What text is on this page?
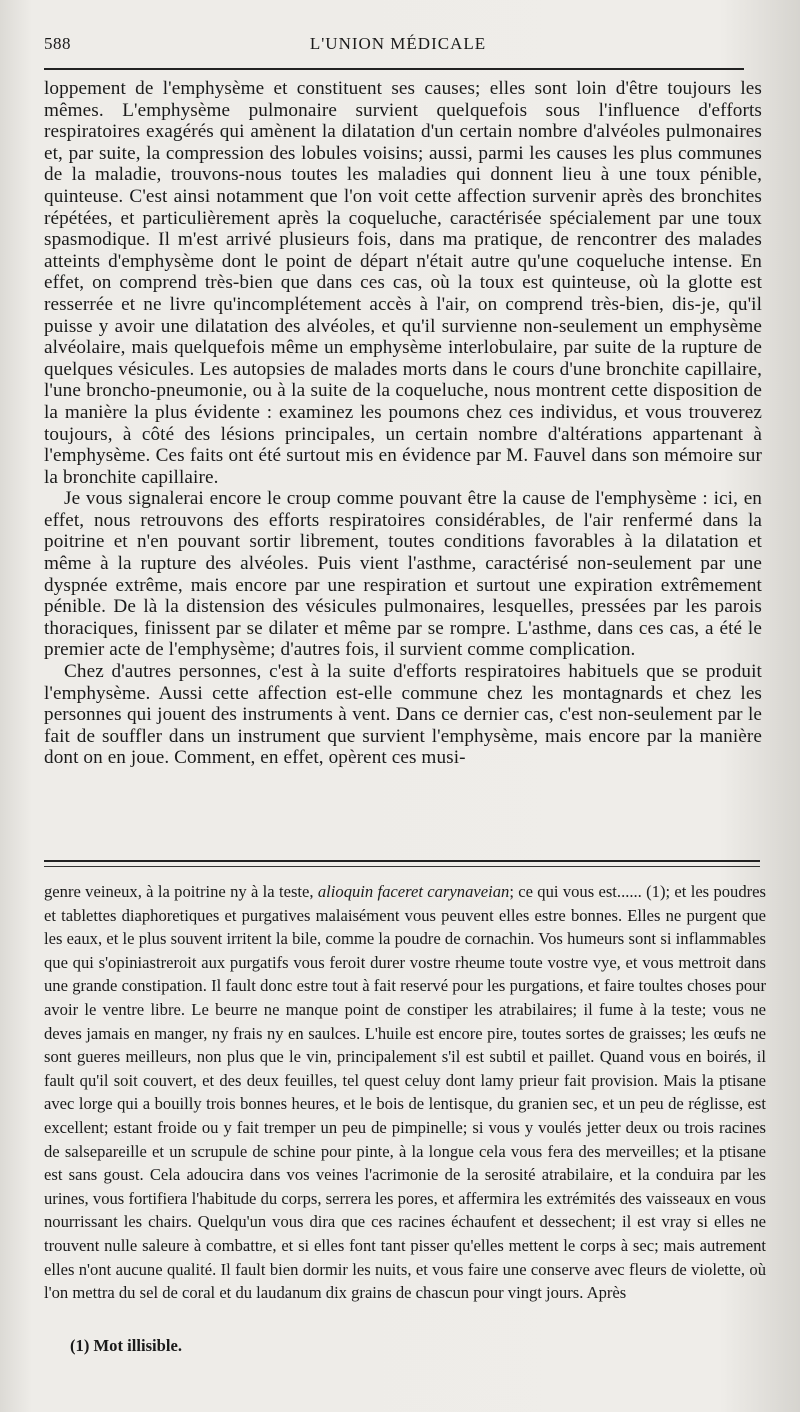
588	L'UNION MÉDICALE

loppement de l'emphysème et constituent ses causes; elles sont loin d'être toujours les mêmes. L'emphysème pulmonaire survient quelquefois sous l'influence d'efforts respiratoires exagérés qui amènent la dilatation d'un certain nombre d'alvéoles pulmonaires et, par suite, la compression des lobules voisins; aussi, parmi les causes les plus communes de la maladie, trouvons-nous toutes les maladies qui donnent lieu à une toux pénible, quinteuse. C'est ainsi notamment que l'on voit cette affection survenir après des bronchites répétées, et particulièrement après la coqueluche, caractérisée spécialement par une toux spasmodique. Il m'est arrivé plusieurs fois, dans ma pratique, de rencontrer des malades atteints d'emphysème dont le point de départ n'était autre qu'une coqueluche intense. En effet, on comprend très-bien que dans ces cas, où la toux est quinteuse, où la glotte est resserrée et ne livre qu'incomplétement accès à l'air, on comprend très-bien, dis-je, qu'il puisse y avoir une dilatation des alvéoles, et qu'il survienne non-seulement un emphysème alvéolaire, mais quelquefois même un emphysème interlobulaire, par suite de la rupture de quelques vésicules. Les autopsies de malades morts dans le cours d'une bronchite capillaire, l'une broncho-pneumonie, ou à la suite de la coqueluche, nous montrent cette disposition de la manière la plus évidente : examinez les poumons chez ces individus, et vous trouverez toujours, à côté des lésions principales, un certain nombre d'altérations appartenant à l'emphysème. Ces faits ont été surtout mis en évidence par M. Fauvel dans son mémoire sur la bronchite capillaire.

Je vous signalerai encore le croup comme pouvant être la cause de l'emphysème : ici, en effet, nous retrouvons des efforts respiratoires considérables, de l'air renfermé dans la poitrine et n'en pouvant sortir librement, toutes conditions favorables à la dilatation et même à la rupture des alvéoles. Puis vient l'asthme, caractérisé non-seulement par une dyspnée extrême, mais encore par une respiration et surtout une expiration extrêmement pénible. De là la distension des vésicules pulmonaires, lesquelles, pressées par les parois thoraciques, finissent par se dilater et même par se rompre. L'asthme, dans ces cas, a été le premier acte de l'emphysème; d'autres fois, il survient comme complication.

Chez d'autres personnes, c'est à la suite d'efforts respiratoires habituels que se produit l'emphysème. Aussi cette affection est-elle commune chez les montagnards et chez les personnes qui jouent des instruments à vent. Dans ce dernier cas, c'est non-seulement par le fait de souffler dans un instrument que survient l'emphysème, mais encore par la manière dont on en joue. Comment, en effet, opèrent ces musi-

genre veineux, à la poitrine ny à la teste, alioquin faceret carynaveian; ce qui vous est...... (1); et les poudres et tablettes diaphoretiques et purgatives malaisément vous peuvent elles estre bonnes. Elles ne purgent que les eaux, et le plus souvent irritent la bile, comme la poudre de cornachin. Vos humeurs sont si inflammables que qui s'opiniastreroit aux purgatifs vous feroit durer vostre rheume toute vostre vye, et vous mettroit dans une grande constipation. Il fault donc estre tout à fait reservé pour les purgations, et faire toultes choses pour avoir le ventre libre. Le beurre ne manque point de constiper les atrabilaires; il fume à la teste; vous ne deves jamais en manger, ny frais ny en saulces. L'huile est encore pire, toutes sortes de graisses; les œufs ne sont gueres meilleurs, non plus que le vin, principalement s'il est subtil et paillet. Quand vous en boirés, il fault qu'il soit couvert, et des deux feuilles, tel quest celuy dont lamy prieur fait provision. Mais la ptisane avec lorge qui a bouilly trois bonnes heures, et le bois de lentisque, du granien sec, et un peu de réglisse, est excellent; estant froide ou y fait tremper un peu de pimpinelle; si vous y voulés jetter deux ou trois racines de salsepareille et un scrupule de schine pour pinte, à la longue cela vous fera des merveilles; et la ptisane est sans goust. Cela adoucira dans vos veines l'acrimonie de la serosité atrabilaire, et la conduira par les urines, vous fortifiera l'habitude du corps, serrera les pores, et affermira les extrémités des vaisseaux en vous nourrissant les chairs. Quelqu'un vous dira que ces racines échaufent et dessechent; il est vray si elles ne trouvent nulle saleure à combattre, et si elles font tant pisser qu'elles mettent le corps à sec; mais autrement elles n'ont aucune qualité. Il fault bien dormir les nuits, et vous faire une conserve avec fleurs de violette, où l'on mettra du sel de coral et du laudanum dix grains de chascun pour vingt jours. Après

(1) Mot illisible.
